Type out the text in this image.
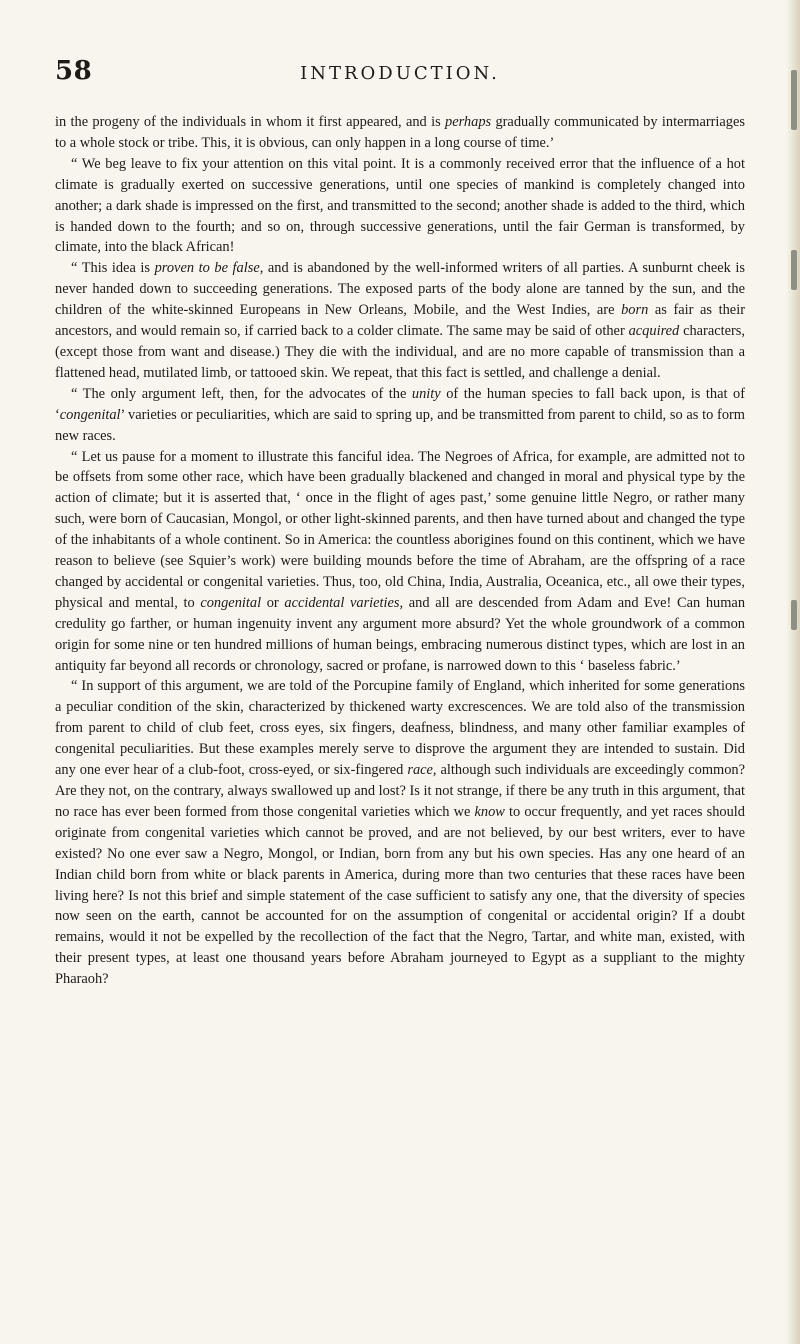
58	INTRODUCTION.

in the progeny of the individuals in whom it first appeared, and is perhaps gradually communicated by intermarriages to a whole stock or tribe. This, it is obvious, can only happen in a long course of time.’

“ We beg leave to fix your attention on this vital point. It is a commonly received error that the influence of a hot climate is gradually exerted on successive generations, until one species of mankind is completely changed into another; a dark shade is impressed on the first, and transmitted to the second; another shade is added to the third, which is handed down to the fourth; and so on, through successive generations, until the fair German is transformed, by climate, into the black African!

“ This idea is proven to be false, and is abandoned by the well-informed writers of all parties. A sunburnt cheek is never handed down to succeeding generations. The exposed parts of the body alone are tanned by the sun, and the children of the white-skinned Europeans in New Orleans, Mobile, and the West Indies, are born as fair as their ancestors, and would remain so, if carried back to a colder climate. The same may be said of other acquired characters, (except those from want and disease.) They die with the individual, and are no more capable of transmission than a flattened head, mutilated limb, or tattooed skin. We repeat, that this fact is settled, and challenge a denial.

“ The only argument left, then, for the advocates of the unity of the human species to fall back upon, is that of ‘congenital’ varieties or peculiarities, which are said to spring up, and be transmitted from parent to child, so as to form new races.

“ Let us pause for a moment to illustrate this fanciful idea. The Negroes of Africa, for example, are admitted not to be offsets from some other race, which have been gradually blackened and changed in moral and physical type by the action of climate; but it is asserted that, ‘ once in the flight of ages past,’ some genuine little Negro, or rather many such, were born of Caucasian, Mongol, or other light-skinned parents, and then have turned about and changed the type of the inhabitants of a whole continent. So in America: the countless aborigines found on this continent, which we have reason to believe (see Squier’s work) were building mounds before the time of Abraham, are the offspring of a race changed by accidental or congenital varieties. Thus, too, old China, India, Australia, Oceanica, etc., all owe their types, physical and mental, to congenital or accidental varieties, and all are descended from Adam and Eve! Can human credulity go farther, or human ingenuity invent any argument more absurd? Yet the whole groundwork of a common origin for some nine or ten hundred millions of human beings, embracing numerous distinct types, which are lost in an antiquity far beyond all records or chronology, sacred or profane, is narrowed down to this ‘ baseless fabric.’

“ In support of this argument, we are told of the Porcupine family of England, which inherited for some generations a peculiar condition of the skin, characterized by thickened warty excrescences. We are told also of the transmission from parent to child of club feet, cross eyes, six fingers, deafness, blindness, and many other familiar examples of congenital peculiarities. But these examples merely serve to disprove the argument they are intended to sustain. Did any one ever hear of a club-foot, cross-eyed, or six-fingered race, although such individuals are exceedingly common? Are they not, on the contrary, always swallowed up and lost? Is it not strange, if there be any truth in this argument, that no race has ever been formed from those congenital varieties which we know to occur frequently, and yet races should originate from congenital varieties which cannot be proved, and are not believed, by our best writers, ever to have existed? No one ever saw a Negro, Mongol, or Indian, born from any but his own species. Has any one heard of an Indian child born from white or black parents in America, during more than two centuries that these races have been living here? Is not this brief and simple statement of the case sufficient to satisfy any one, that the diversity of species now seen on the earth, cannot be accounted for on the assumption of congenital or accidental origin? If a doubt remains, would it not be expelled by the recollection of the fact that the Negro, Tartar, and white man, existed, with their present types, at least one thousand years before Abraham journeyed to Egypt as a suppliant to the mighty Pharaoh?
